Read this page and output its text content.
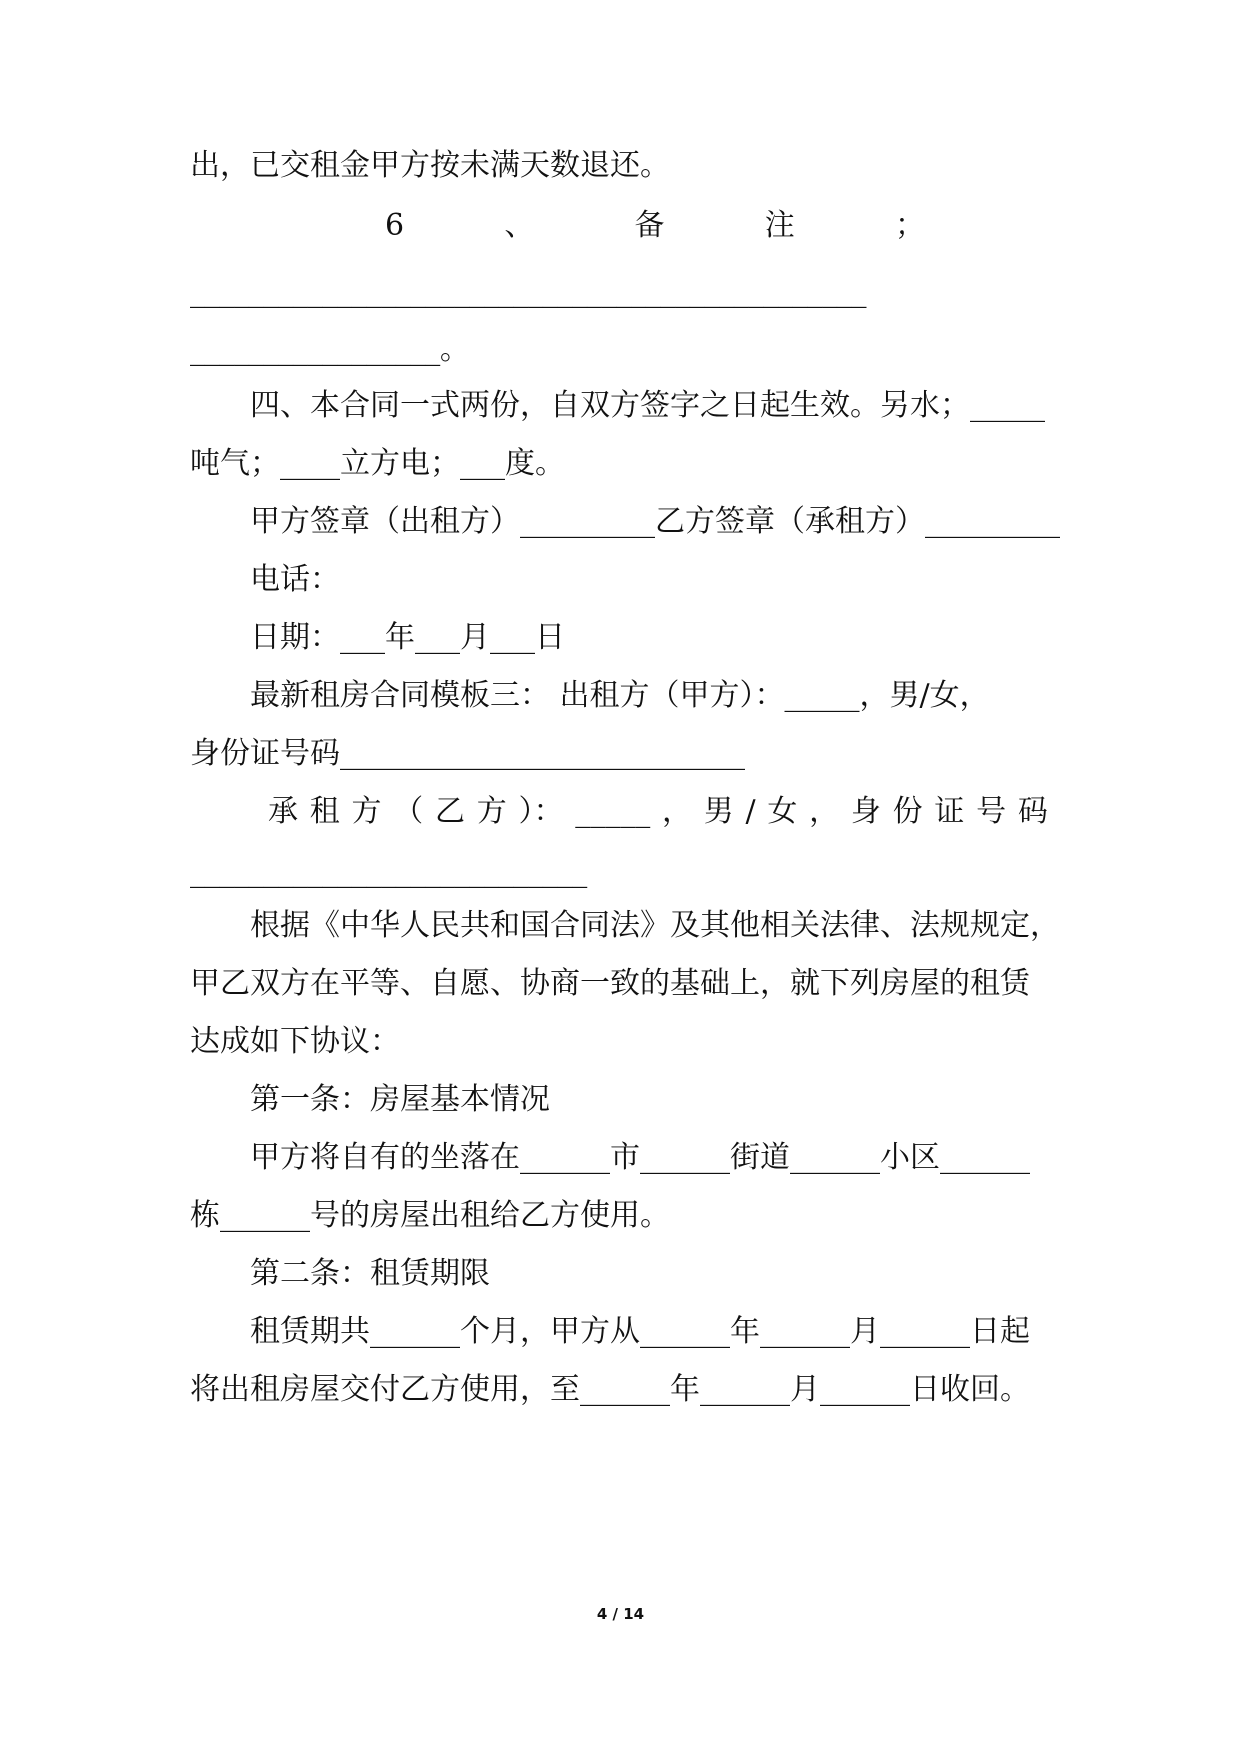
出，已交租金甲方按未满天数退还。
6	、	备	注	；
______________________________________________
_________________。
四、本合同一式两份，自双方签字之日起生效。另水；_____
吨气；____立方电；___度。
甲方签章（出租方）_________乙方签章（承租方）_________
电话：
日期：___年___月___日
最新租房合同模板三： 出租方（甲方）：_____，男/女，
身份证号码___________________________
承 租 方 （ 乙 方 ）： _____ ， 男 / 女 ， 身 份 证 号 码
___________________________
根据《中华人民共和国合同法》及其他相关法律、法规规定，
甲乙双方在平等、自愿、协商一致的基础上，就下列房屋的租赁
达成如下协议：
第一条：房屋基本情况
甲方将自有的坐落在______市______街道______小区______
栋______号的房屋出租给乙方使用。
第二条：租赁期限
租赁期共______个月，甲方从______年______月______日起
将出租房屋交付乙方使用，至______年______月______日收回。
4 / 14
